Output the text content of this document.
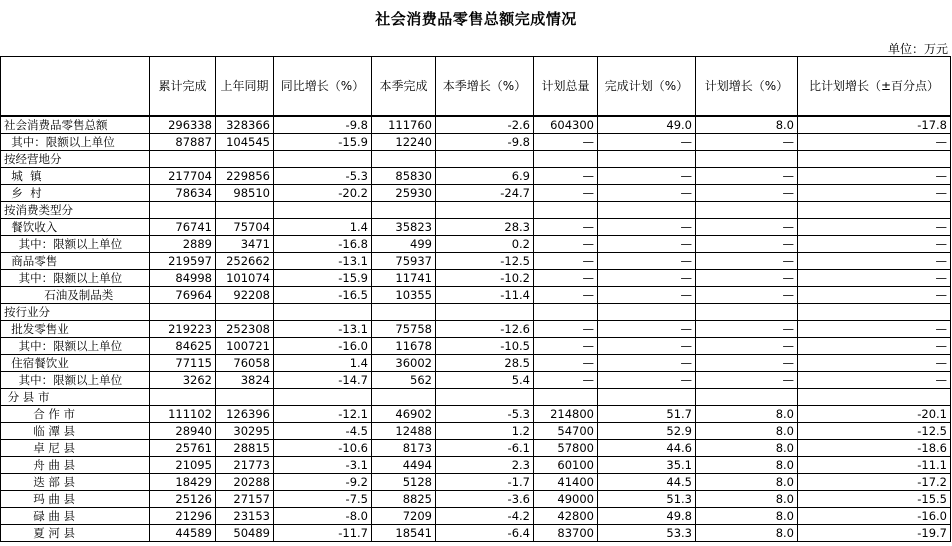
社会消费品零售总额完成情况
单位：万元
	累计完成	上年同期	同比增长（%）	本季完成	本季增长（%）	计划总量	完成计划（%）	计划增长（%）	比计划增长（±百分点）
社会消费品零售总额	296338	328366	-9.8	111760	-2.6	604300	49.0	8.0	-17.8
其中：限额以上单位	87887	104545	-15.9	12240	-9.8	—	—	—	—
按经营地分									
城  镇	217704	229856	-5.3	85830	6.9	—	—	—	—
乡  村	78634	98510	-20.2	25930	-24.7	—	—	—	—
按消费类型分									
餐饮收入	76741	75704	1.4	35823	28.3	—	—	—	—
其中：限额以上单位	2889	3471	-16.8	499	0.2	—	—	—	—
商品零售	219597	252662	-13.1	75937	-12.5	—	—	—	—
其中：限额以上单位	84998	101074	-15.9	11741	-10.2	—	—	—	—
石油及制品类	76964	92208	-16.5	10355	-11.4	—	—	—	—
按行业分									
批发零售业	219223	252308	-13.1	75758	-12.6	—	—	—	—
其中：限额以上单位	84625	100721	-16.0	11678	-10.5	—	—	—	—
住宿餐饮业	77115	76058	1.4	36002	28.5	—	—	—	—
其中：限额以上单位	3262	3824	-14.7	562	5.4	—	—	—	—
分 县 市									
合 作 市	111102	126396	-12.1	46902	-5.3	214800	51.7	8.0	-20.1
临 潭 县	28940	30295	-4.5	12488	1.2	54700	52.9	8.0	-12.5
卓 尼 县	25761	28815	-10.6	8173	-6.1	57800	44.6	8.0	-18.6
舟 曲 县	21095	21773	-3.1	4494	2.3	60100	35.1	8.0	-11.1
迭 部 县	18429	20288	-9.2	5128	-1.7	41400	44.5	8.0	-17.2
玛 曲 县	25126	27157	-7.5	8825	-3.6	49000	51.3	8.0	-15.5
碌 曲 县	21296	23153	-8.0	7209	-4.2	42800	49.8	8.0	-16.0
夏 河 县	44589	50489	-11.7	18541	-6.4	83700	53.3	8.0	-19.7
